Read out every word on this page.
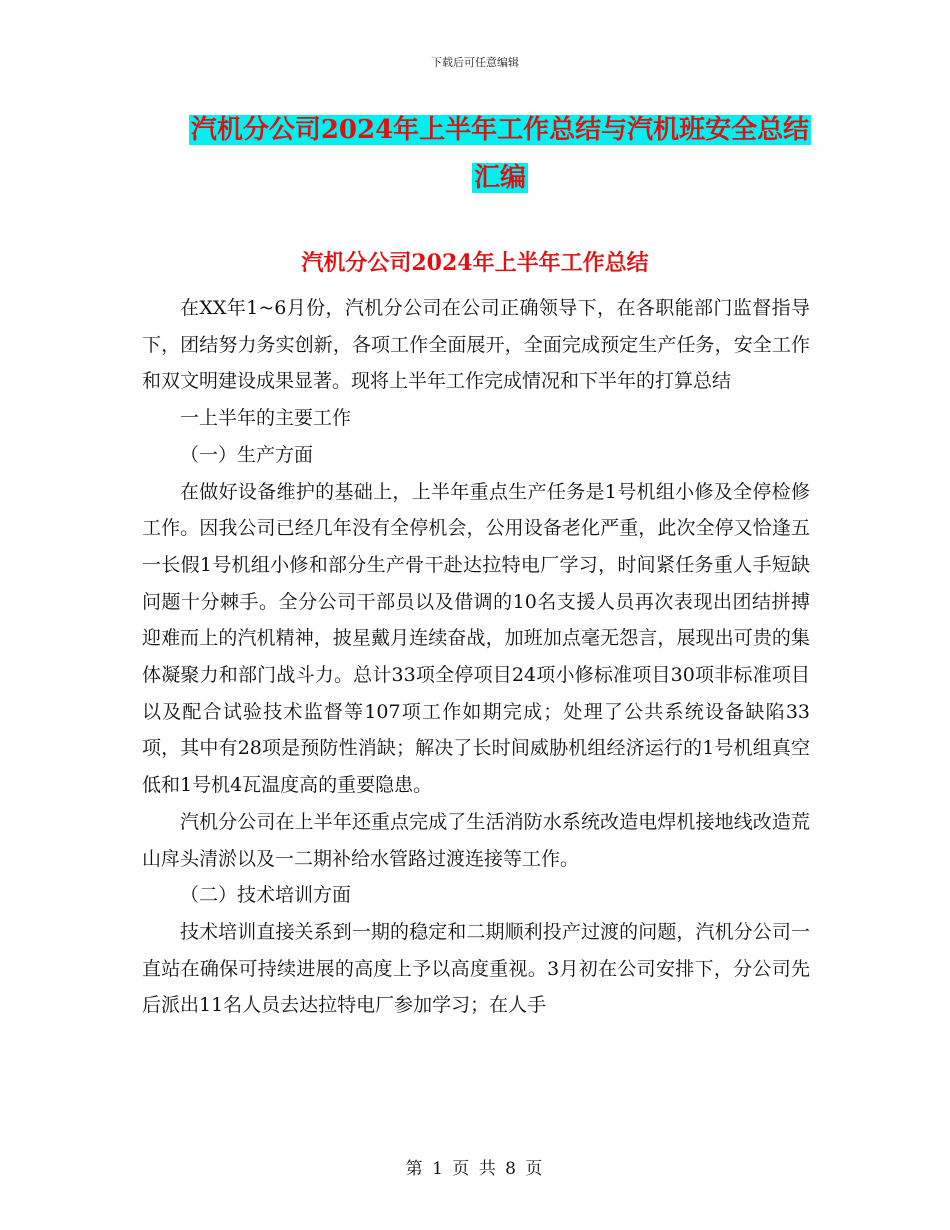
下载后可任意编辑
汽机分公司2024年上半年工作总结与汽机班安全总结
汇编
汽机分公司2024年上半年工作总结

在XX年1~6月份，汽机分公司在公司正确领导下，在各职能部门监督指导下，团结努力务实创新，各项工作全面展开，全面完成预定生产任务，安全工作和双文明建设成果显著。现将上半年工作完成情况和下半年的打算总结

一上半年的主要工作

（一）生产方面

在做好设备维护的基础上，上半年重点生产任务是1号机组小修及全停检修工作。因我公司已经几年没有全停机会，公用设备老化严重，此次全停又恰逢五一长假1号机组小修和部分生产骨干赴达拉特电厂学习，时间紧任务重人手短缺问题十分棘手。全分公司干部员以及借调的10名支援人员再次表现出团结拼搏迎难而上的汽机精神，披星戴月连续奋战，加班加点毫无怨言，展现出可贵的集体凝聚力和部门战斗力。总计33项全停项目24项小修标准项目30项非标准项目以及配合试验技术监督等107项工作如期完成；处理了公共系统设备缺陷33项，其中有28项是预防性消缺；解决了长时间威胁机组经济运行的1号机组真空低和1号机4瓦温度高的重要隐患。

汽机分公司在上半年还重点完成了生活消防水系统改造电焊机接地线改造荒山戽头清淤以及一二期补给水管路过渡连接等工作。

（二）技术培训方面

技术培训直接关系到一期的稳定和二期顺利投产过渡的问题，汽机分公司一直站在确保可持续进展的高度上予以高度重视。3月初在公司安排下，分公司先后派出11名人员去达拉特电厂参加学习；在人手

第 1 页 共 8 页
